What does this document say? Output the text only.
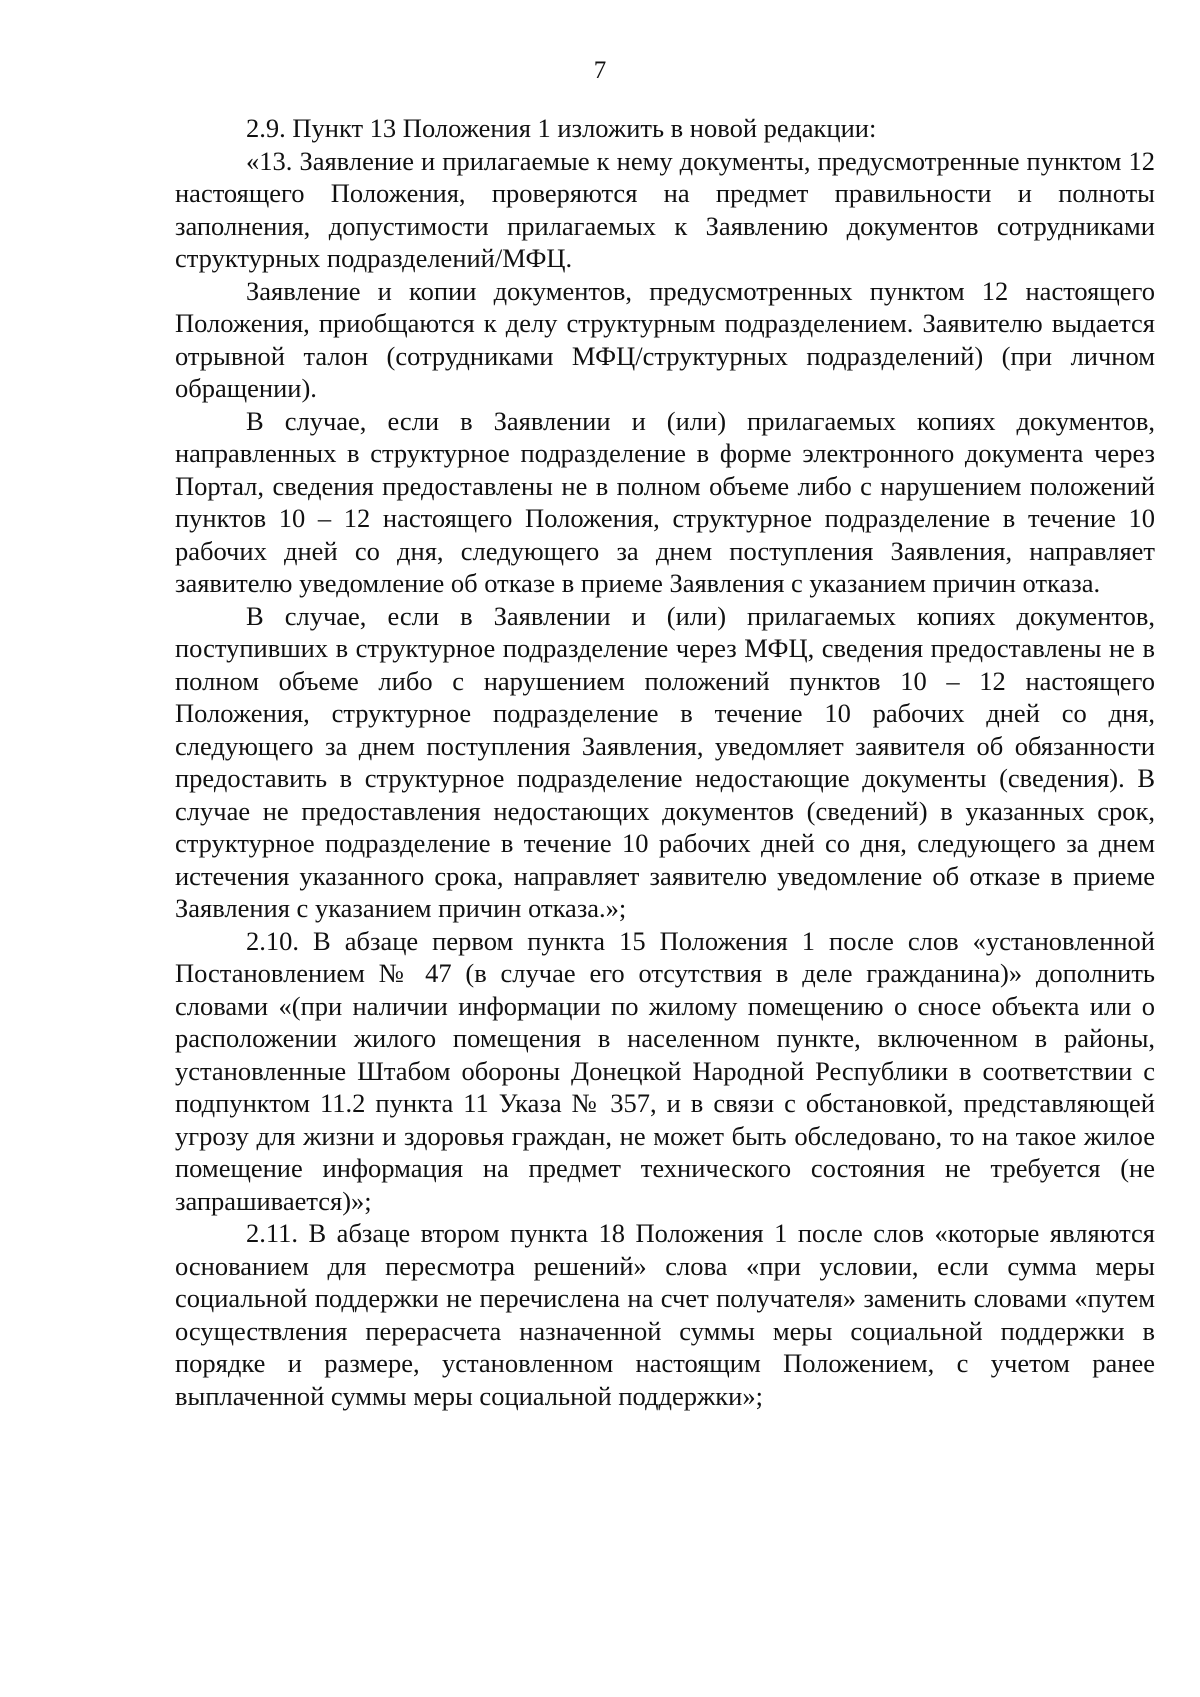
7

2.9. Пункт 13 Положения 1 изложить в новой редакции:

«13. Заявление и прилагаемые к нему документы, предусмотренные пунктом 12 настоящего Положения, проверяются на предмет правильности и полноты заполнения, допустимости прилагаемых к Заявлению документов сотрудниками структурных подразделений/МФЦ.

Заявление и копии документов, предусмотренных пунктом 12 настоящего Положения, приобщаются к делу структурным подразделением. Заявителю выдается отрывной талон (сотрудниками МФЦ/структурных подразделений) (при личном обращении).

В случае, если в Заявлении и (или) прилагаемых копиях документов, направленных в структурное подразделение в форме электронного документа через Портал, сведения предоставлены не в полном объеме либо с нарушением положений пунктов 10 – 12 настоящего Положения, структурное подразделение в течение 10 рабочих дней со дня, следующего за днем поступления Заявления, направляет заявителю уведомление об отказе в приеме Заявления с указанием причин отказа.

В случае, если в Заявлении и (или) прилагаемых копиях документов, поступивших в структурное подразделение через МФЦ, сведения предоставлены не в полном объеме либо с нарушением положений пунктов 10 – 12 настоящего Положения, структурное подразделение в течение 10 рабочих дней со дня, следующего за днем поступления Заявления, уведомляет заявителя об обязанности предоставить в структурное подразделение недостающие документы (сведения). В случае не предоставления недостающих документов (сведений) в указанных срок, структурное подразделение в течение 10 рабочих дней со дня, следующего за днем истечения указанного срока, направляет заявителю уведомление об отказе в приеме Заявления с указанием причин отказа.»;

2.10. В абзаце первом пункта 15 Положения 1 после слов «установленной Постановлением № 47 (в случае его отсутствия в деле гражданина)» дополнить словами «(при наличии информации по жилому помещению о сносе объекта или о расположении жилого помещения в населенном пункте, включенном в районы, установленные Штабом обороны Донецкой Народной Республики в соответствии с подпунктом 11.2 пункта 11 Указа № 357, и в связи с обстановкой, представляющей угрозу для жизни и здоровья граждан, не может быть обследовано, то на такое жилое помещение информация на предмет технического состояния не требуется (не запрашивается)»;

2.11. В абзаце втором пункта 18 Положения 1 после слов «которые являются основанием для пересмотра решений» слова «при условии, если сумма меры социальной поддержки не перечислена на счет получателя» заменить словами «путем осуществления перерасчета назначенной суммы меры социальной поддержки в порядке и размере, установленном настоящим Положением, с учетом ранее выплаченной суммы меры социальной поддержки»;
